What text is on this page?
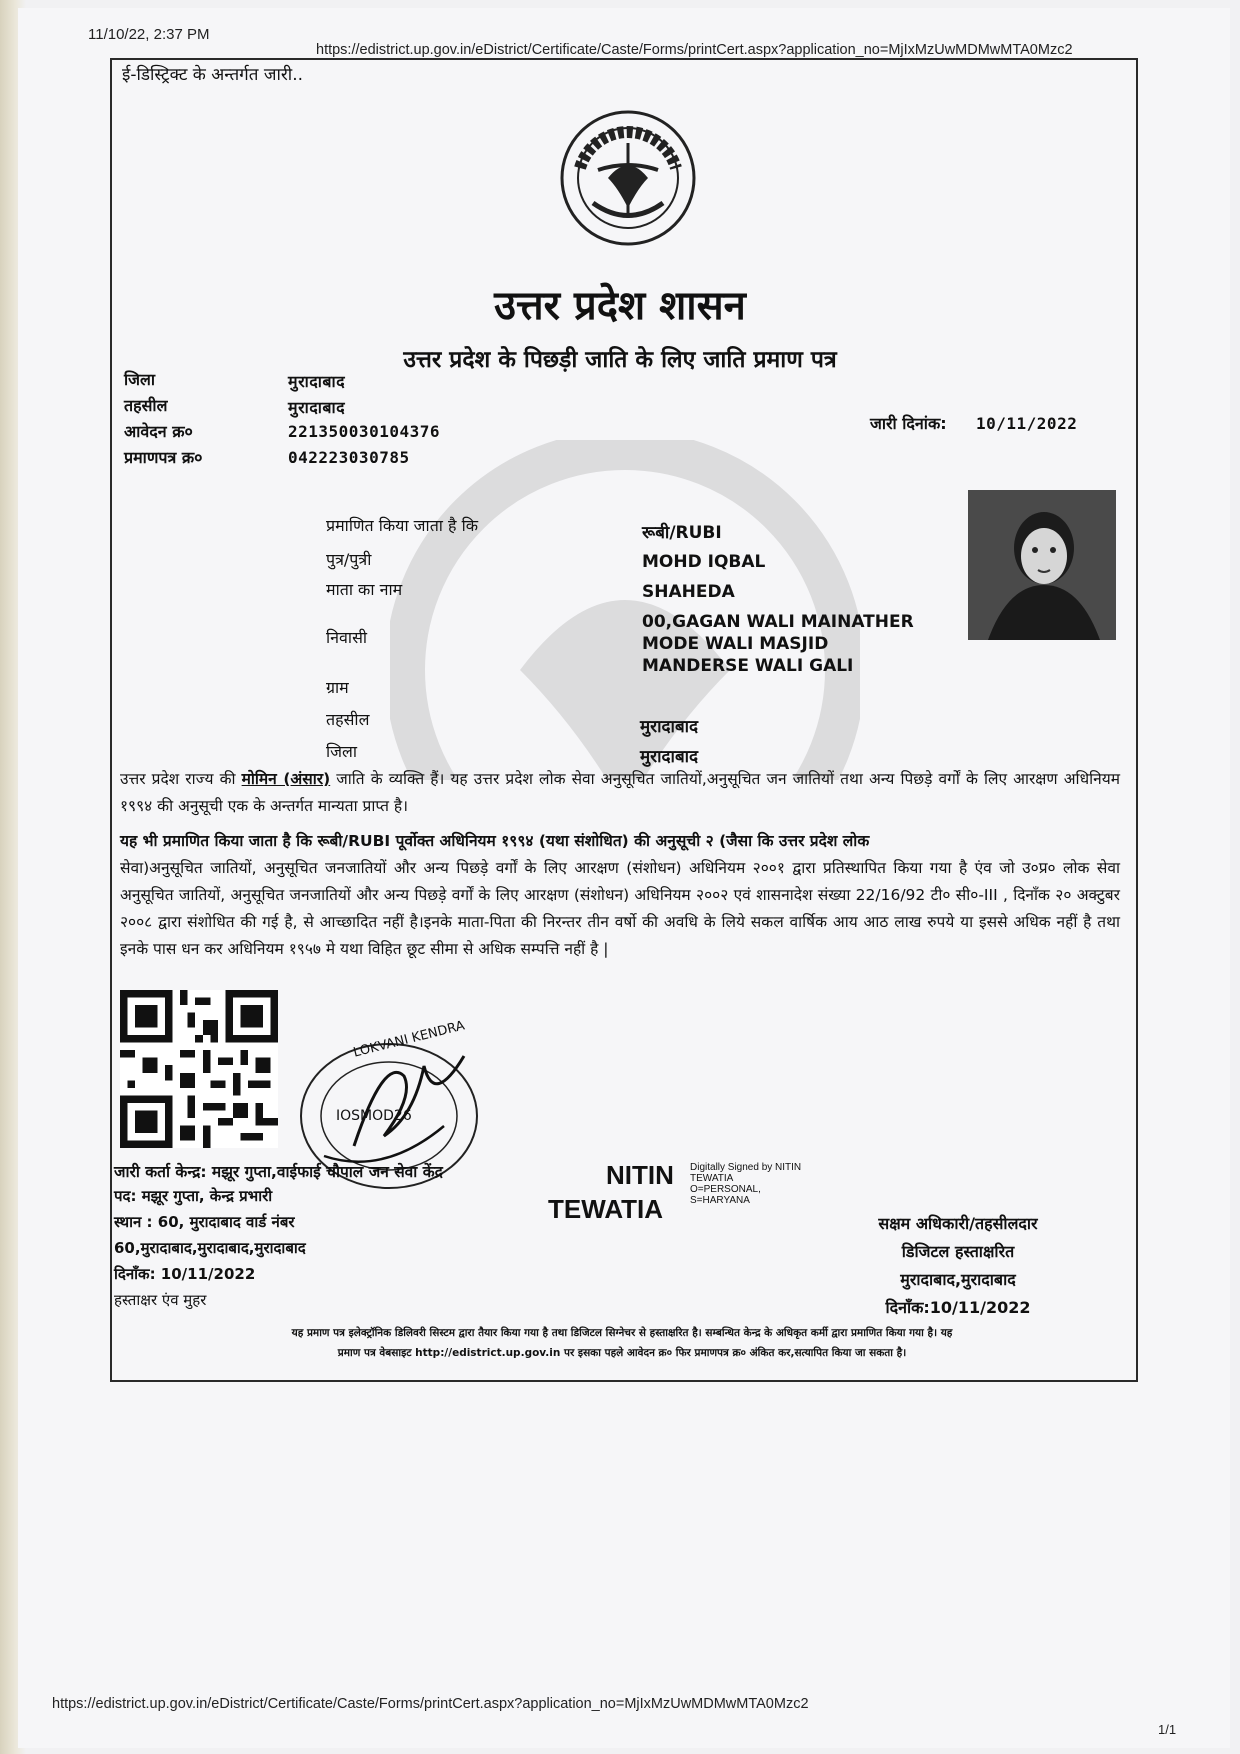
11/10/22, 2:37 PM
https://edistrict.up.gov.in/eDistrict/Certificate/Caste/Forms/printCert.aspx?application_no=MjIxMzUwMDMwMTA0Mzc2
ई-डिस्ट्रिक्ट के अन्तर्गत जारी..
उत्तर प्रदेश शासन
उत्तर प्रदेश के पिछड़ी जाति के लिए जाति प्रमाण पत्र
जिला	मुरादाबाद
तहसील	मुरादाबाद
आवेदन क्र०	221350030104376
प्रमाणपत्र क्र०	042223030785
जारी दिनांक: 10/11/2022
प्रमाणित किया जाता है कि	रूबी/RUBI
पुत्र/पुत्री	MOHD IQBAL
माता का नाम	SHAHEDA
निवासी
00,GAGAN WALI MAINATHER
MODE WALI MASJID
MANDERSE WALI GALI
ग्राम
तहसील	मुरादाबाद
जिला	मुरादाबाद
उत्तर प्रदेश राज्य की मोमिन (अंसार) जाति के व्यक्ति हैं। यह उत्तर प्रदेश लोक सेवा अनुसूचित जातियों,अनुसूचित जन जातियों तथा अन्य पिछड़े वर्गों के लिए आरक्षण अधिनियम १९९४ की अनुसूची एक के अन्तर्गत मान्यता प्राप्त है।
यह भी प्रमाणित किया जाता है कि रूबी/RUBI पूर्वोक्त अधिनियम १९९४ (यथा संशोधित) की अनुसूची २ (जैसा कि उत्तर प्रदेश लोक
सेवा)अनुसूचित जातियों, अनुसूचित जनजातियों और अन्य पिछड़े वर्गों के लिए आरक्षण (संशोधन) अधिनियम २००१ द्वारा प्रतिस्थापित किया गया है एंव जो उ०प्र० लोक सेवा अनुसूचित जातियों, अनुसूचित जनजातियों और अन्य पिछड़े वर्गों के लिए आरक्षण (संशोधन) अधिनियम २००२ एवं शासनादेश संख्या 22/16/92 टी० सी०-III , दिनाँक २० अक्टुबर २००८ द्वारा संशोधित की गई है, से आच्छादित नहीं है।इनके माता-पिता की निरन्तर तीन वर्षो की अवधि के लिये सकल वार्षिक आय आठ लाख रुपये या इससे अधिक नहीं है तथा इनके पास धन कर अधिनियम १९५७ मे यथा विहित छूट सीमा से अधिक सम्पत्ति नहीं है |
LOKVANI KENDRA
IOSMOD26
जारी कर्ता केन्द्र: मझूर गुप्ता,वाईफाई चौपाल जन सेवा केंद्र
पद: मझूर गुप्ता, केन्द्र प्रभारी
स्थान : 60, मुरादाबाद वार्ड नंबर
60,मुरादाबाद,मुरादाबाद,मुरादाबाद
दिनाँक: 10/11/2022
हस्ताक्षर एंव मुहर
NITIN
TEWATIA
Digitally Signed by NITIN
TEWATIA
O=PERSONAL,
S=HARYANA
सक्षम अधिकारी/तहसीलदार
डिजिटल हस्ताक्षरित
मुरादाबाद,मुरादाबाद
दिनाँक:10/11/2022
यह प्रमाण पत्र इलेक्ट्रॉनिक डिलिवरी सिस्टम द्वारा तैयार किया गया है तथा डिजिटल सिग्नेचर से हस्ताक्षरित है। सम्बन्धित केन्द्र के अधिकृत कर्मी द्वारा प्रमाणित किया गया है। यह
प्रमाण पत्र वेबसाइट http://edistrict.up.gov.in पर इसका पहले आवेदन क्र० फिर प्रमाणपत्र क्र० अंकित कर,सत्यापित किया जा सकता है।
https://edistrict.up.gov.in/eDistrict/Certificate/Caste/Forms/printCert.aspx?application_no=MjIxMzUwMDMwMTA0Mzc2
1/1
